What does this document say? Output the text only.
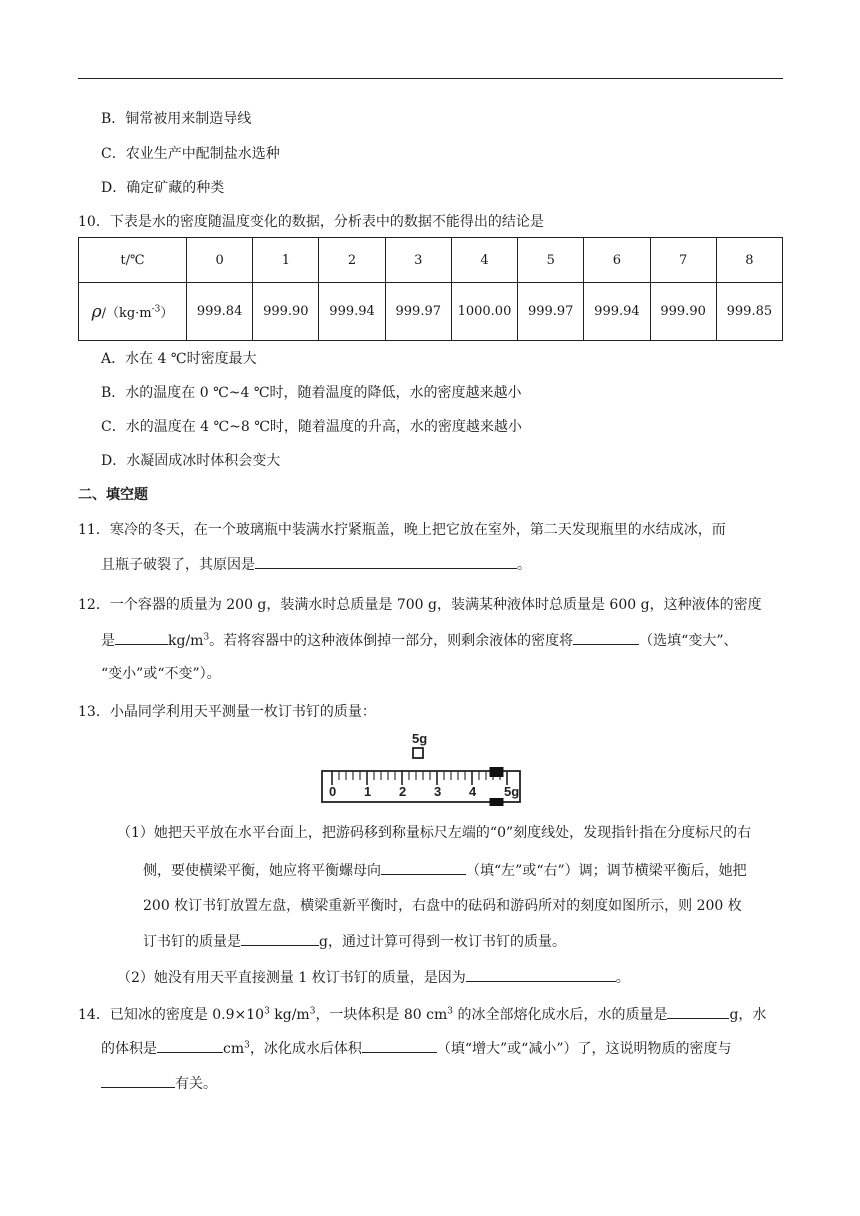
B．铜常被用来制造导线
C．农业生产中配制盐水选种
D．确定矿藏的种类
10．下表是水的密度随温度变化的数据，分析表中的数据不能得出的结论是
t/℃	0	1	2	3	4	5	6	7	8
$\rho/(kg\cdot m^{-3})$	999.84	999.90	999.94	999.97	1000.00	999.97	999.94	999.90	999.85
A．水在 4 ℃时密度最大
B．水的温度在 0 ℃~4 ℃时，随着温度的降低，水的密度越来越小
C．水的温度在 4 ℃~8 ℃时，随着温度的升高，水的密度越来越小
D．水凝固成冰时体积会变大
二、填空题
11．寒冷的冬天，在一个玻璃瓶中装满水拧紧瓶盖，晚上把它放在室外，第二天发现瓶里的水结成冰，而
且瓶子破裂了，其原因是	。
12．一个容器的质量为 200 g，装满水时总质量是 700 g，装满某种液体时总质量是 600 g，这种液体的密度
是	$kg/m^3$。若将容器中的这种液体倒掉一部分，则剩余液体的密度将	（选填“变大”、
“变小”或“不变”）。
13．小晶同学利用天平测量一枚订书钉的质量：
5g
0 1 2 3 4 5g
（1）她把天平放在水平台面上，把游码移到称量标尺左端的“0”刻度线处，发现指针指在分度标尺的右
侧，要使横梁平衡，她应将平衡螺母向	（填“左”或“右”）调；调节横梁平衡后，她把
200 枚订书钉放置左盘，横梁重新平衡时，右盘中的砝码和游码所对的刻度如图所示，则 200 枚
订书钉的质量是	g，通过计算可得到一枚订书钉的质量。
（2）她没有用天平直接测量 1 枚订书钉的质量，是因为	。
14．已知冰的密度是 $0.9\times 10^3$ $kg/m^3$，一块体积是 80 $cm^3$ 的冰全部熔化成水后，水的质量是	g，水
的体积是	$cm^3$，冰化成水后体积	（填“增大”或“减小”）了，这说明物质的密度与
有关。
